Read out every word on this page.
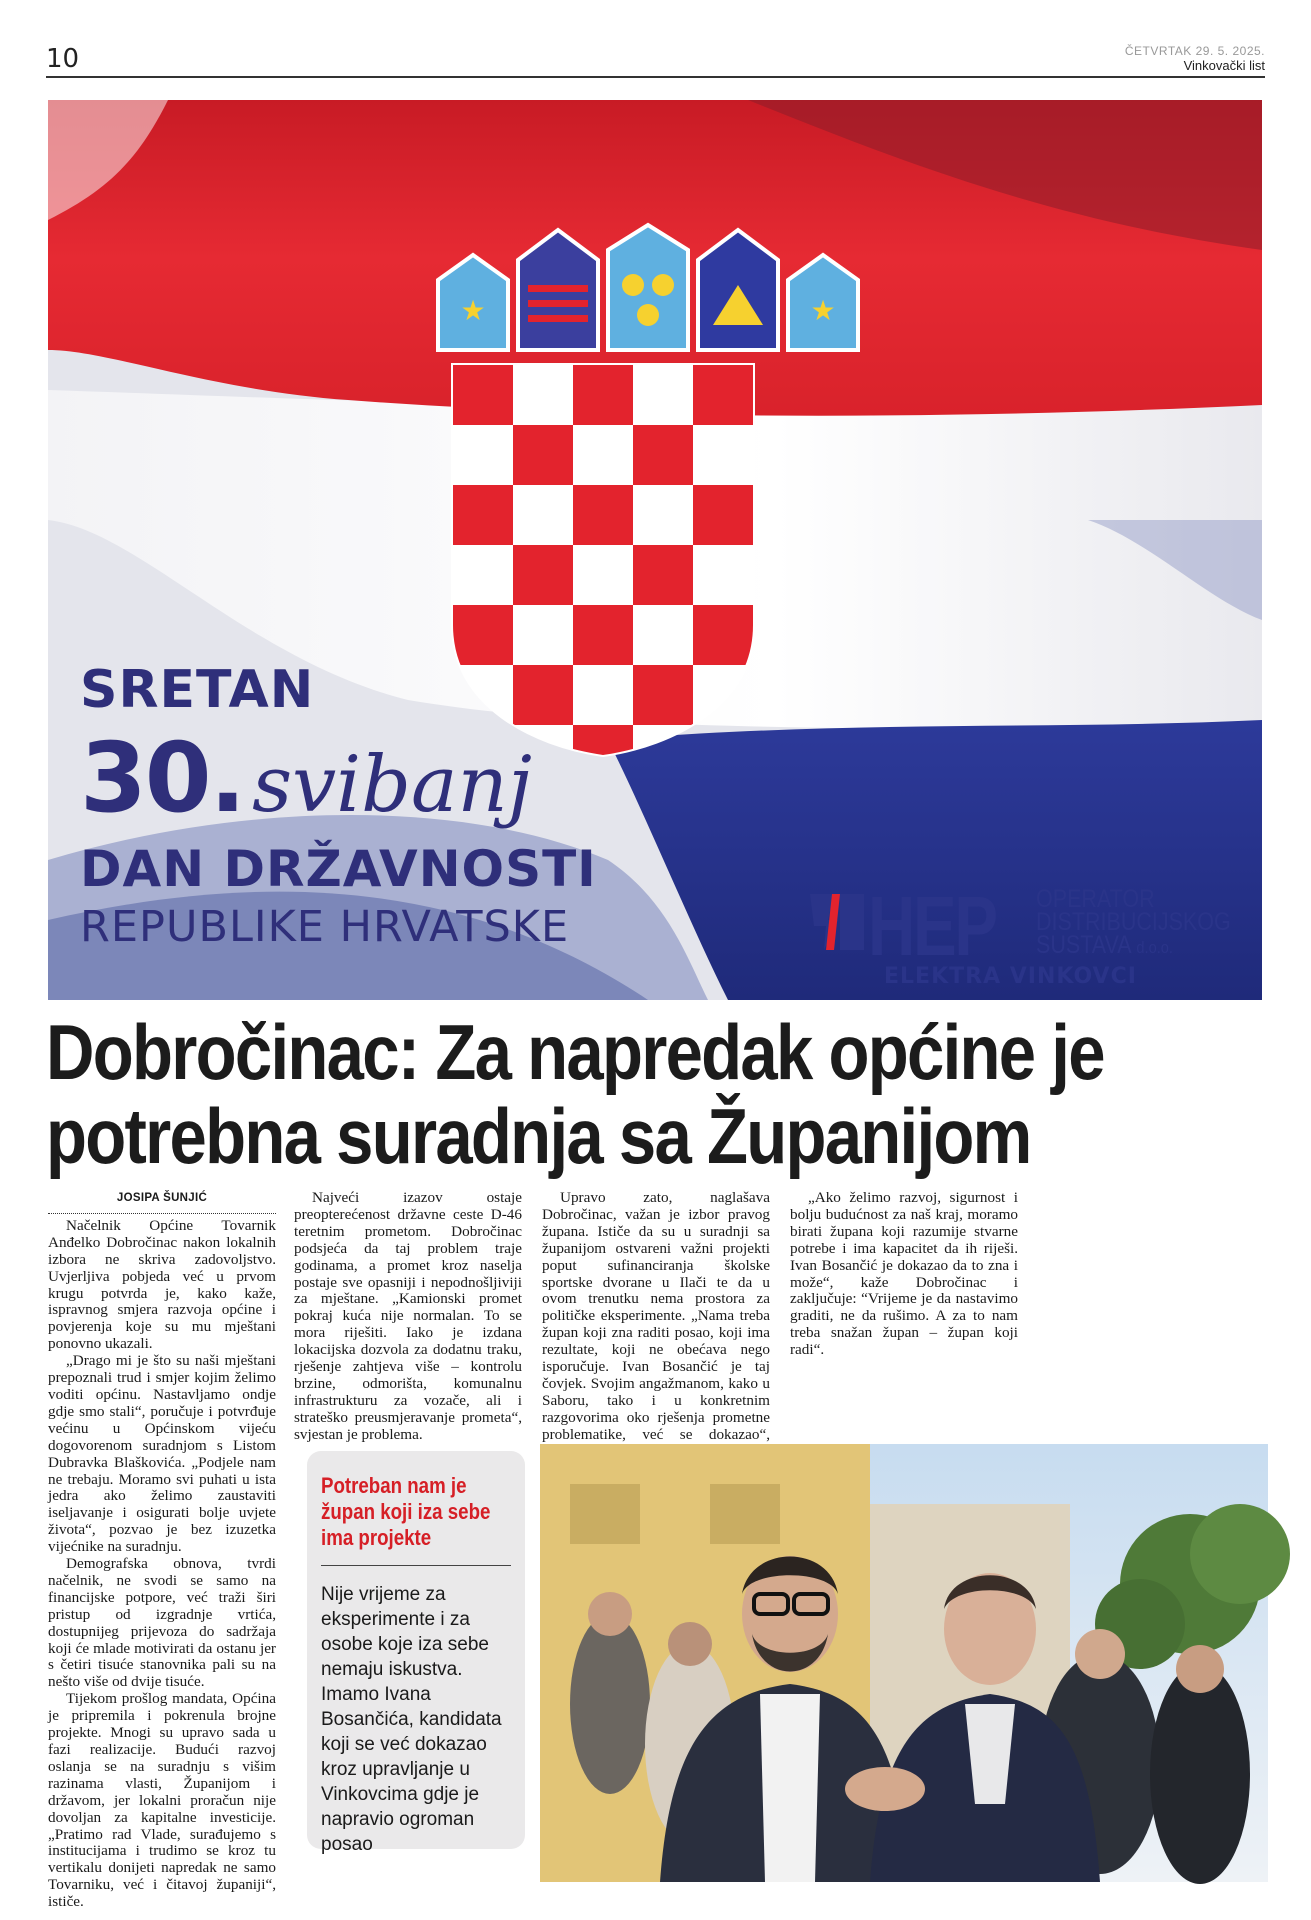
10	ČETVRTAK 29. 5. 2025.
Vinkovački list
★	★
SRETAN
30. svibanj
DAN DRŽAVNOSTI
REPUBLIKE HRVATSKE	HEP OPERATOR
DISTRIBUCIJSKOG
SUSTAVA d.o.o.
ELEKTRA VINKOVCI
Dobročinac: Za napredak općine je
potrebna suradnja sa Županijom
JOSIPA ŠUNJIĆ

Načelnik Općine Tovarnik Anđelko Dobročinac nakon lokalnih izbora ne skriva zadovoljstvo. Uvjerljiva pobjeda već u prvom krugu potvrda je, kako kaže, ispravnog smjera razvoja općine i povjerenja koje su mu mještani ponovno ukazali.

„Drago mi je što su naši mještani prepoznali trud i smjer kojim želimo voditi općinu. Nastavljamo ondje gdje smo stali“, poručuje i potvrđuje većinu u Općinskom vijeću dogovorenom suradnjom s Listom Dubravka Blaškovića. „Podjele nam ne trebaju. Moramo svi puhati u ista jedra ako želimo zaustaviti iseljavanje i osigurati bolje uvjete života“, pozvao je bez izuzetka vijećnike na suradnju.

Demografska obnova, tvrdi načelnik, ne svodi se samo na financijske potpore, već traži širi pristup od izgradnje vrtića, dostupnijeg prijevoza do sadržaja koji će mlade motivirati da ostanu jer s četiri tisuće stanovnika pali su na nešto više od dvije tisuće.

Tijekom prošlog mandata, Općina je pripremila i pokrenula brojne projekte. Mnogi su upravo sada u fazi realizacije. Budući razvoj oslanja se na suradnju s višim razinama vlasti, Županijom i državom, jer lokalni proračun nije dovoljan za kapitalne investicije. „Pratimo rad Vlade, surađujemo s institucijama i trudimo se kroz tu vertikalu donijeti napredak ne samo Tovarniku, već i čitavoj županiji“, ističe.

Najveći izazov ostaje preopterećenost državne ceste D-46 teretnim prometom. Dobročinac podsjeća da taj problem traje godinama, a promet kroz naselja postaje sve opasniji i nepodnošljiviji za mještane. „Kamionski promet pokraj kuća nije normalan. To se mora riješiti. Iako je izdana lokacijska dozvola za dodatnu traku, rješenje zahtjeva više – kontrolu brzine, odmorišta, komunalnu infrastrukturu za vozače, ali i strateško preusmjeravanje prometa“, svjestan je problema.

Upravo zato, naglašava Dobročinac, važan je izbor pravog župana. Ističe da su u suradnji sa županijom ostvareni važni projekti poput sufinanciranja školske sportske dvorane u Ilači te da u ovom trenutku nema prostora za političke eksperimente. „Nama treba župan koji zna raditi posao, koji ima rezultate, koji ne obećava nego isporučuje. Ivan Bosančić je taj čovjek. Svojim angažmanom, kako u Saboru, tako i u konkretnim razgovorima oko rješenja prometne problematike, već se dokazao“,

„Ako želimo razvoj, sigurnost i bolju budućnost za naš kraj, moramo birati župana koji razumije stvarne potrebe i ima kapacitet da ih riješi. Ivan Bosančić je dokazao da to zna i može“, kaže Dobročinac i zaključuje: “Vrijeme je da nastavimo graditi, ne da rušimo. A za to nam treba snažan župan – župan koji radi“.

Potreban nam je župan koji iza sebe ima projekte
Nije vrijeme za eksperimente i za osobe koje iza sebe nemaju iskustva. Imamo Ivana Bosančića, kandidata koji se već dokazao kroz upravljanje u Vinkovcima gdje je napravio ogroman posao
